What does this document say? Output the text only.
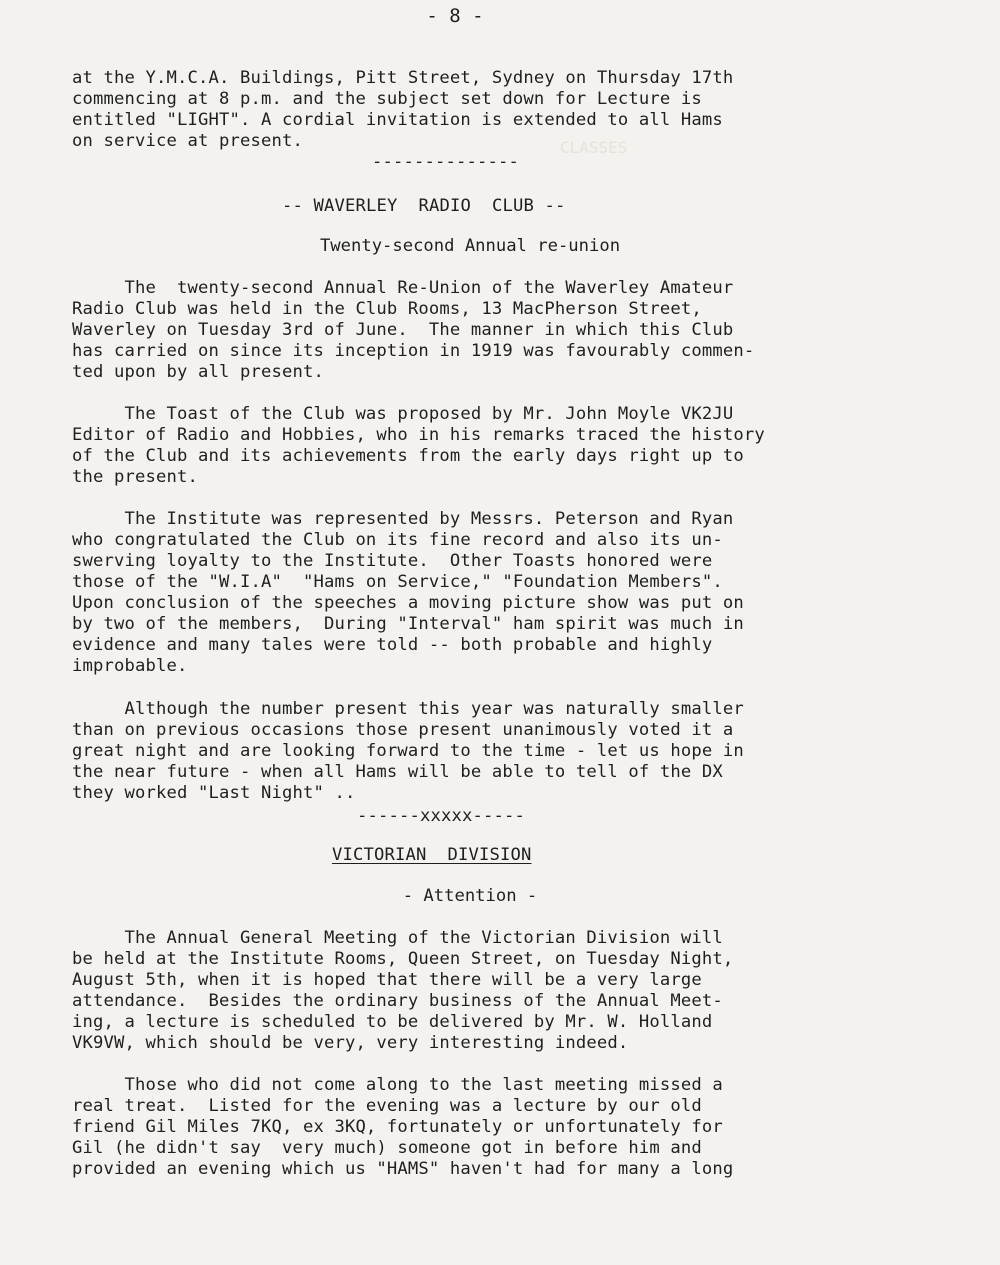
CLASSES
- 8 -
at the Y.M.C.A. Buildings, Pitt Street, Sydney on Thursday 17th
commencing at 8 p.m. and the subject set down for Lecture is
entitled "LIGHT". A cordial invitation is extended to all Hams
on service at present.
--------------
-- WAVERLEY  RADIO  CLUB --
Twenty-second Annual re-union
The  twenty-second Annual Re-Union of the Waverley Amateur
Radio Club was held in the Club Rooms, 13 MacPherson Street,
Waverley on Tuesday 3rd of June.  The manner in which this Club
has carried on since its inception in 1919 was favourably commen-
ted upon by all present.
The Toast of the Club was proposed by Mr. John Moyle VK2JU
Editor of Radio and Hobbies, who in his remarks traced the history
of the Club and its achievements from the early days right up to
the present.
The Institute was represented by Messrs. Peterson and Ryan
who congratulated the Club on its fine record and also its un-
swerving loyalty to the Institute.  Other Toasts honored were
those of the "W.I.A"  "Hams on Service," "Foundation Members".
Upon conclusion of the speeches a moving picture show was put on
by two of the members,  During "Interval" ham spirit was much in
evidence and many tales were told -- both probable and highly
improbable.
Although the number present this year was naturally smaller
than on previous occasions those present unanimously voted it a
great night and are looking forward to the time - let us hope in
the near future - when all Hams will be able to tell of the DX
they worked "Last Night" ..
------xxxxx-----
VICTORIAN  DIVISION
- Attention -
The Annual General Meeting of the Victorian Division will
be held at the Institute Rooms, Queen Street, on Tuesday Night,
August 5th, when it is hoped that there will be a very large
attendance.  Besides the ordinary business of the Annual Meet-
ing, a lecture is scheduled to be delivered by Mr. W. Holland
VK9VW, which should be very, very interesting indeed.
Those who did not come along to the last meeting missed a
real treat.  Listed for the evening was a lecture by our old
friend Gil Miles 7KQ, ex 3KQ, fortunately or unfortunately for
Gil (he didn't say  very much) someone got in before him and
provided an evening which us "HAMS" haven't had for many a long
